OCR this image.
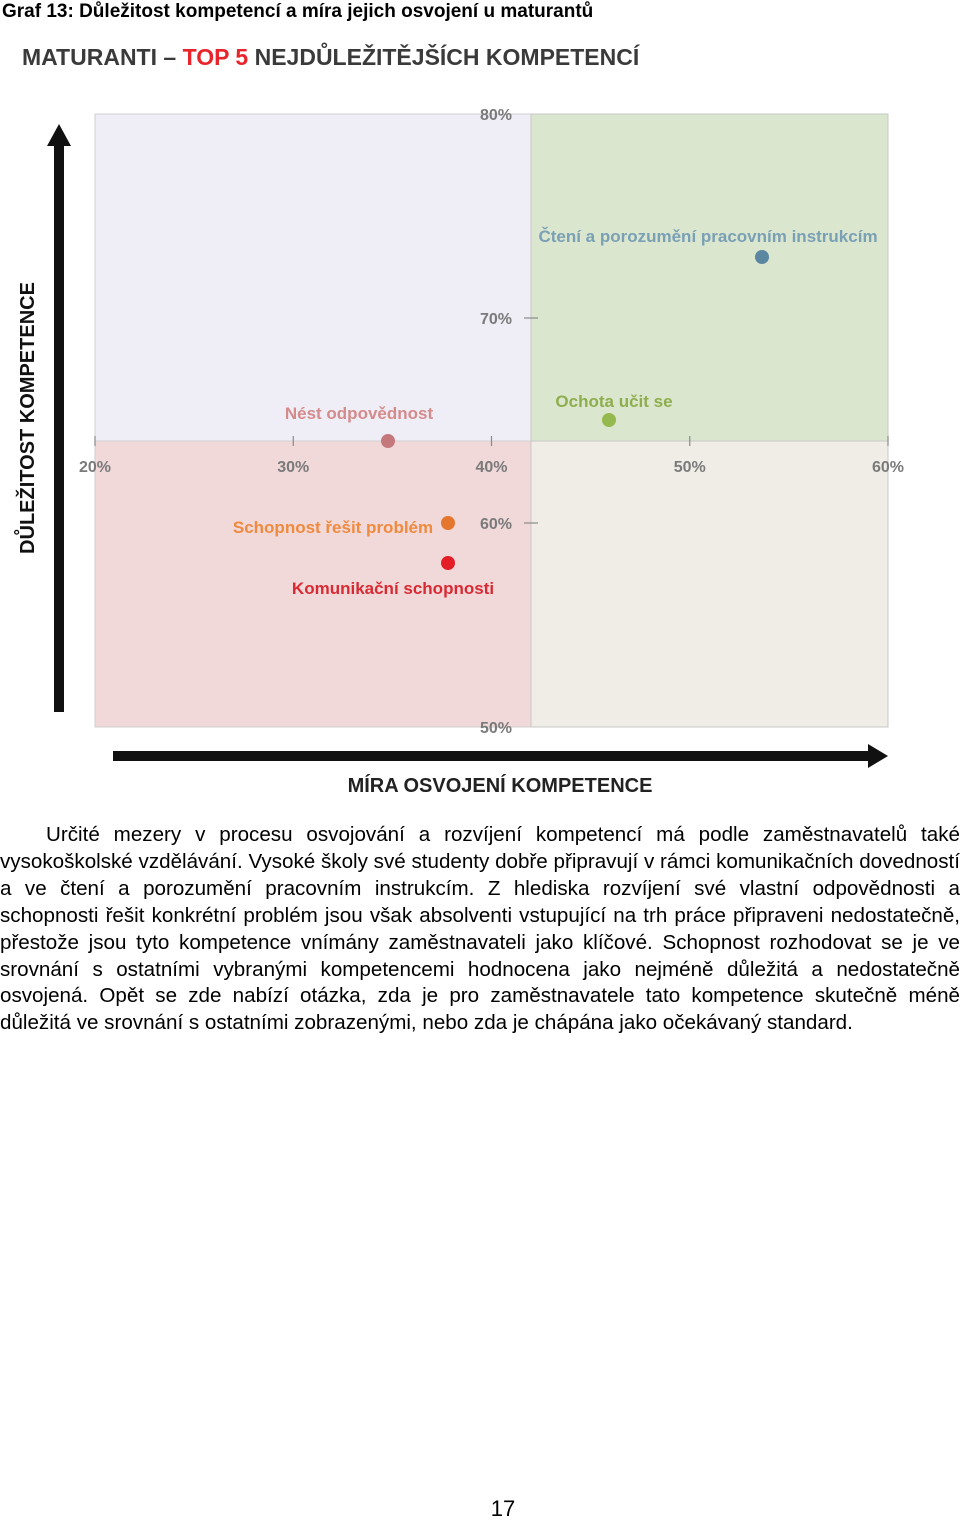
Graf 13: Důležitost kompetencí a míra jejich osvojení u maturantů
MATURANTI – TOP 5 NEJDŮLEŽITĚJŠÍCH KOMPETENCÍ
20%	30%	40%	50%	60%
50%
60%
70%
80%
DŮLEŽITOST KOMPETENCE
MÍRA OSVOJENÍ KOMPETENCE
Čtení a porozumění pracovním instrukcím
Ochota učit se
Nést odpovědnost
Schopnost řešit problém
Komunikační schopnosti

Určité mezery v procesu osvojování a rozvíjení kompetencí má podle zaměstnavatelů také vysokoškolské vzdělávání. Vysoké školy své studenty dobře připravují v rámci komunikačních dovedností a ve čtení a porozumění pracovním instrukcím. Z hlediska rozvíjení své vlastní odpovědnosti a schopnosti řešit konkrétní problém jsou však absolventi vstupující na trh práce připraveni nedostatečně, přestože jsou tyto kompetence vnímány zaměstnavateli jako klíčové. Schopnost rozhodovat se je ve srovnání s ostatními vybranými kompetencemi hodnocena jako nejméně důležitá a nedostatečně osvojená. Opět se zde nabízí otázka, zda je pro zaměstnavatele tato kompetence skutečně méně důležitá ve srovnání s ostatními zobrazenými, nebo zda je chápána jako očekávaný standard.

17
